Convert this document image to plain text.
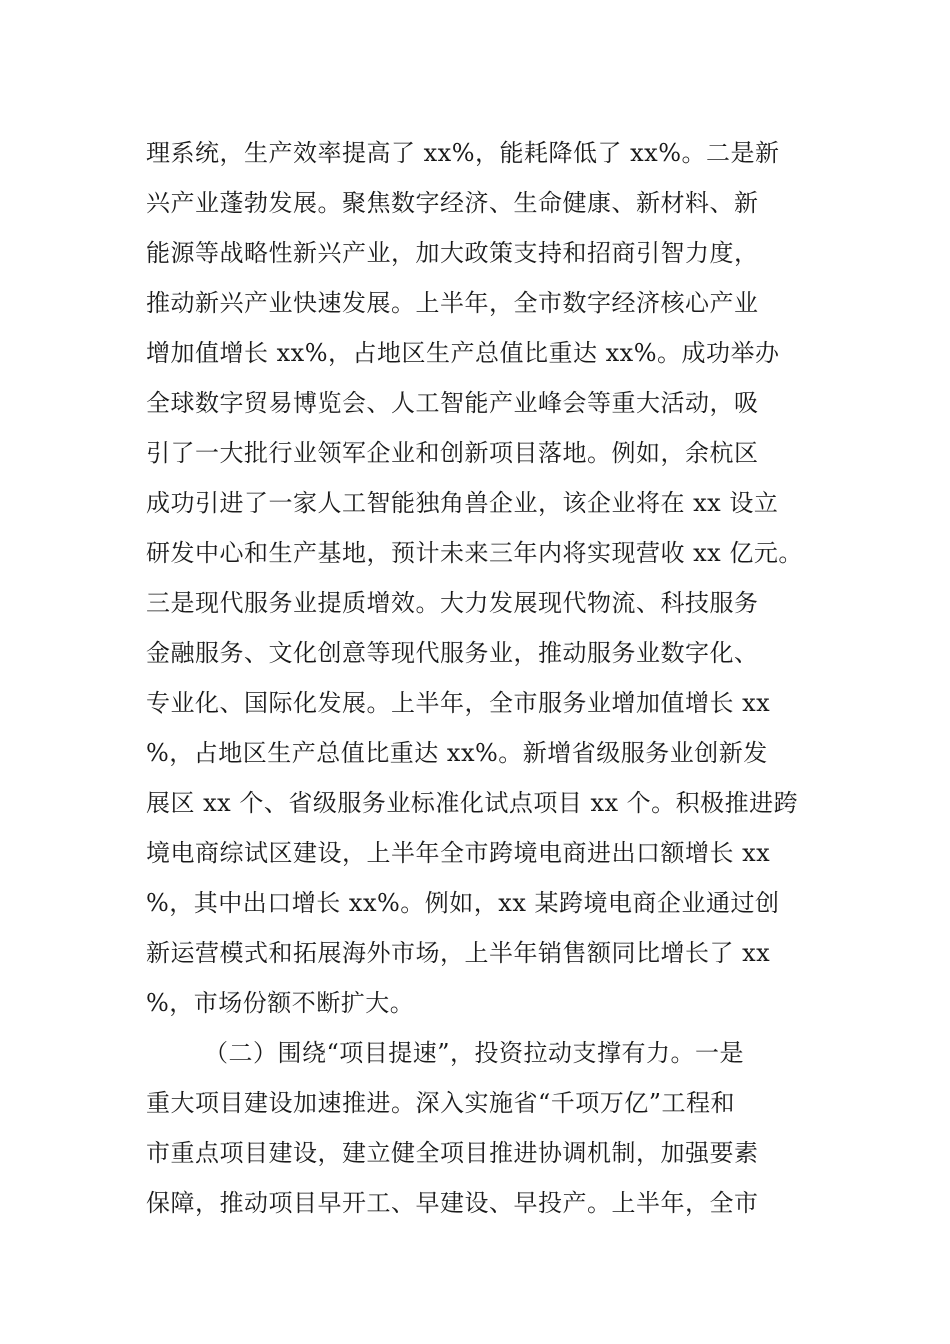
理系统，生产效率提高了 xx%，能耗降低了 xx%。二是新
兴产业蓬勃发展。聚焦数字经济、生命健康、新材料、新
能源等战略性新兴产业，加大政策支持和招商引智力度，
推动新兴产业快速发展。上半年，全市数字经济核心产业
增加值增长 xx%，占地区生产总值比重达 xx%。成功举办
全球数字贸易博览会、人工智能产业峰会等重大活动，吸
引了一大批行业领军企业和创新项目落地。例如，余杭区
成功引进了一家人工智能独角兽企业，该企业将在 xx 设立
研发中心和生产基地，预计未来三年内将实现营收 xx 亿元。
三是现代服务业提质增效。大力发展现代物流、科技服务
金融服务、文化创意等现代服务业，推动服务业数字化、
专业化、国际化发展。上半年，全市服务业增加值增长 xx
%，占地区生产总值比重达 xx%。新增省级服务业创新发
展区 xx 个、省级服务业标准化试点项目 xx 个。积极推进跨
境电商综试区建设，上半年全市跨境电商进出口额增长 xx
%，其中出口增长 xx%。例如，xx 某跨境电商企业通过创
新运营模式和拓展海外市场，上半年销售额同比增长了 xx
%，市场份额不断扩大。
（二）围绕“项目提速”，投资拉动支撑有力。一是
重大项目建设加速推进。深入实施省“千项万亿”工程和
市重点项目建设，建立健全项目推进协调机制，加强要素
保障，推动项目早开工、早建设、早投产。上半年，全市
